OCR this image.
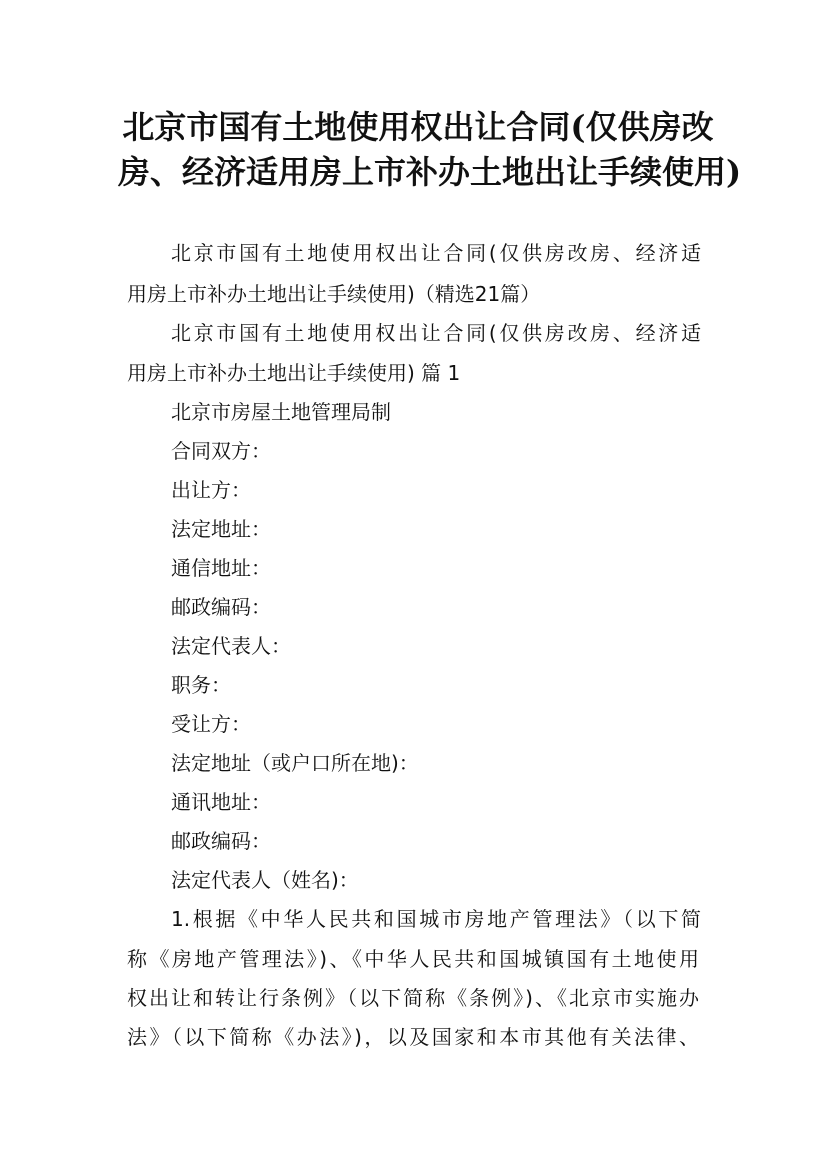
北京市国有土地使用权出让合同(仅供房改
房、经济适用房上市补办土地出让手续使用)

北京市国有土地使用权出让合同(仅供房改房、经济适

用房上市补办土地出让手续使用)（精选21篇）

北京市国有土地使用权出让合同(仅供房改房、经济适

用房上市补办土地出让手续使用) 篇 1

北京市房屋土地管理局制

合同双方：

出让方：

法定地址：

通信地址：

邮政编码：

法定代表人：

职务：

受让方：

法定地址（或户口所在地)：

通讯地址：

邮政编码：

法定代表人（姓名)：

1.根据《中华人民共和国城市房地产管理法》（以下简

称《房地产管理法》)、《中华人民共和国城镇国有土地使用

权出让和转让行条例》（以下简称《条例》)、《北京市实施办

法》（以下简称《办法》)，以及国家和本市其他有关法律、
